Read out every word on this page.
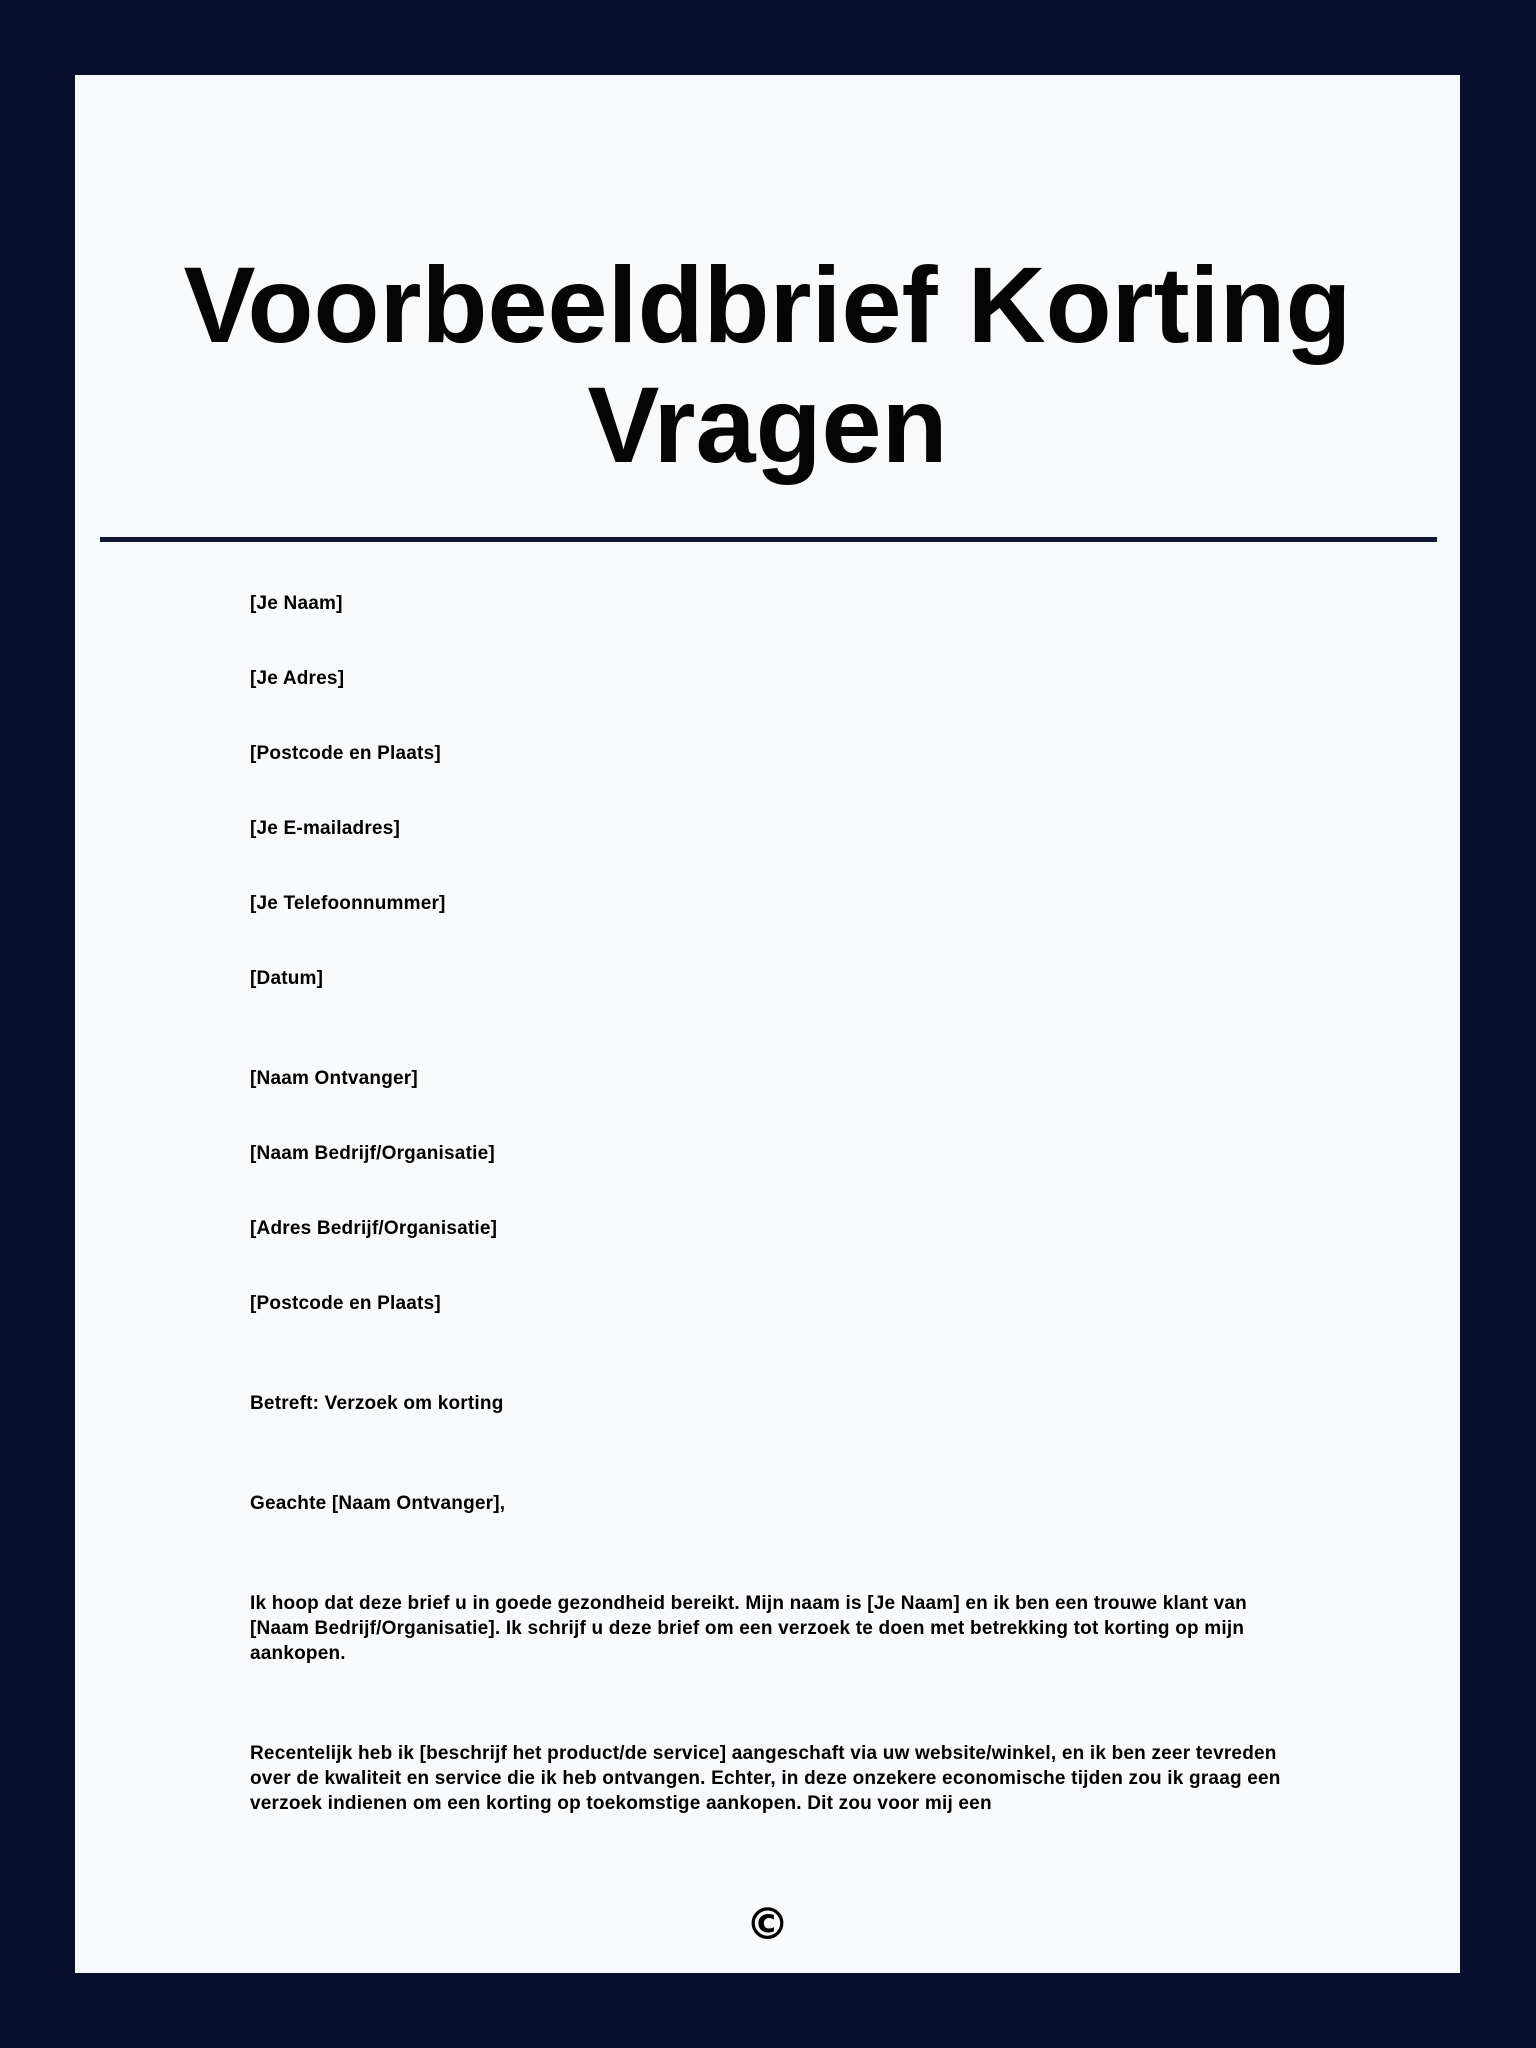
Voorbeeldbrief Korting Vragen
[Je Naam]
[Je Adres]
[Postcode en Plaats]
[Je E-mailadres]
[Je Telefoonnummer]
[Datum]
[Naam Ontvanger]
[Naam Bedrijf/Organisatie]
[Adres Bedrijf/Organisatie]
[Postcode en Plaats]
Betreft: Verzoek om korting
Geachte [Naam Ontvanger],
Ik hoop dat deze brief u in goede gezondheid bereikt. Mijn naam is [Je Naam] en ik ben een trouwe klant van [Naam Bedrijf/Organisatie]. Ik schrijf u deze brief om een verzoek te doen met betrekking tot korting op mijn aankopen.
Recentelijk heb ik [beschrijf het product/de service] aangeschaft via uw website/winkel, en ik ben zeer tevreden over de kwaliteit en service die ik heb ontvangen. Echter, in deze onzekere economische tijden zou ik graag een verzoek indienen om een korting op toekomstige aankopen. Dit zou voor mij een
©
